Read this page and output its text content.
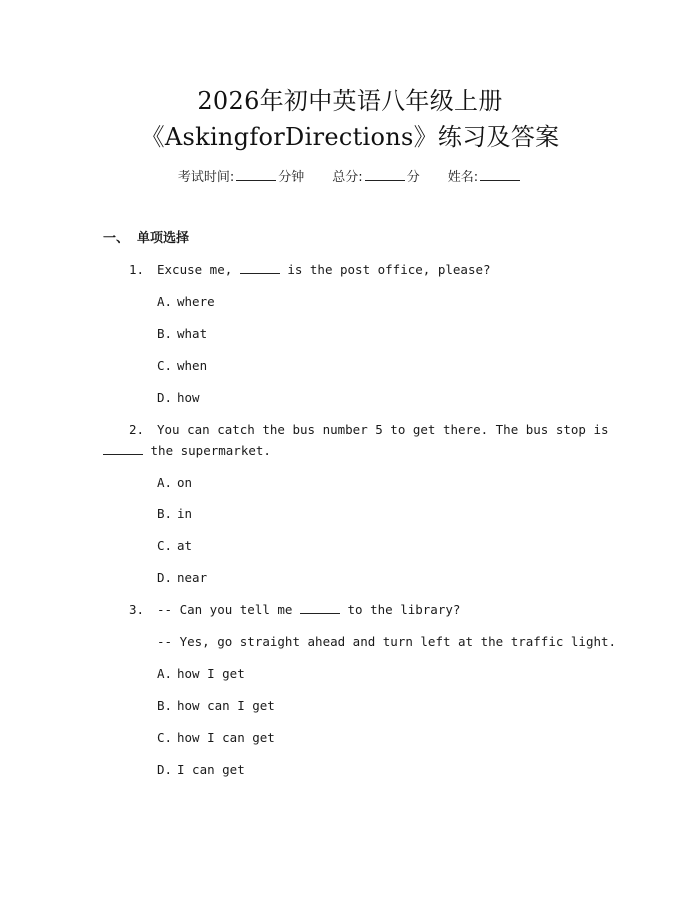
2026年初中英语八年级上册
《AskingforDirections》练习及答案
考试时间:	分钟 总分:	分 姓名:
一、 单项选择
1. Excuse me,	is the post office, please?
A. where
B. what
C. when
D. how
2. You can catch the bus number 5 to get there. The bus stop is
the supermarket.
A. on
B. in
C. at
D. near
3. -- Can you tell me	to the library?
-- Yes, go straight ahead and turn left at the traffic light.
A. how I get
B. how can I get
C. how I can get
D. I can get
